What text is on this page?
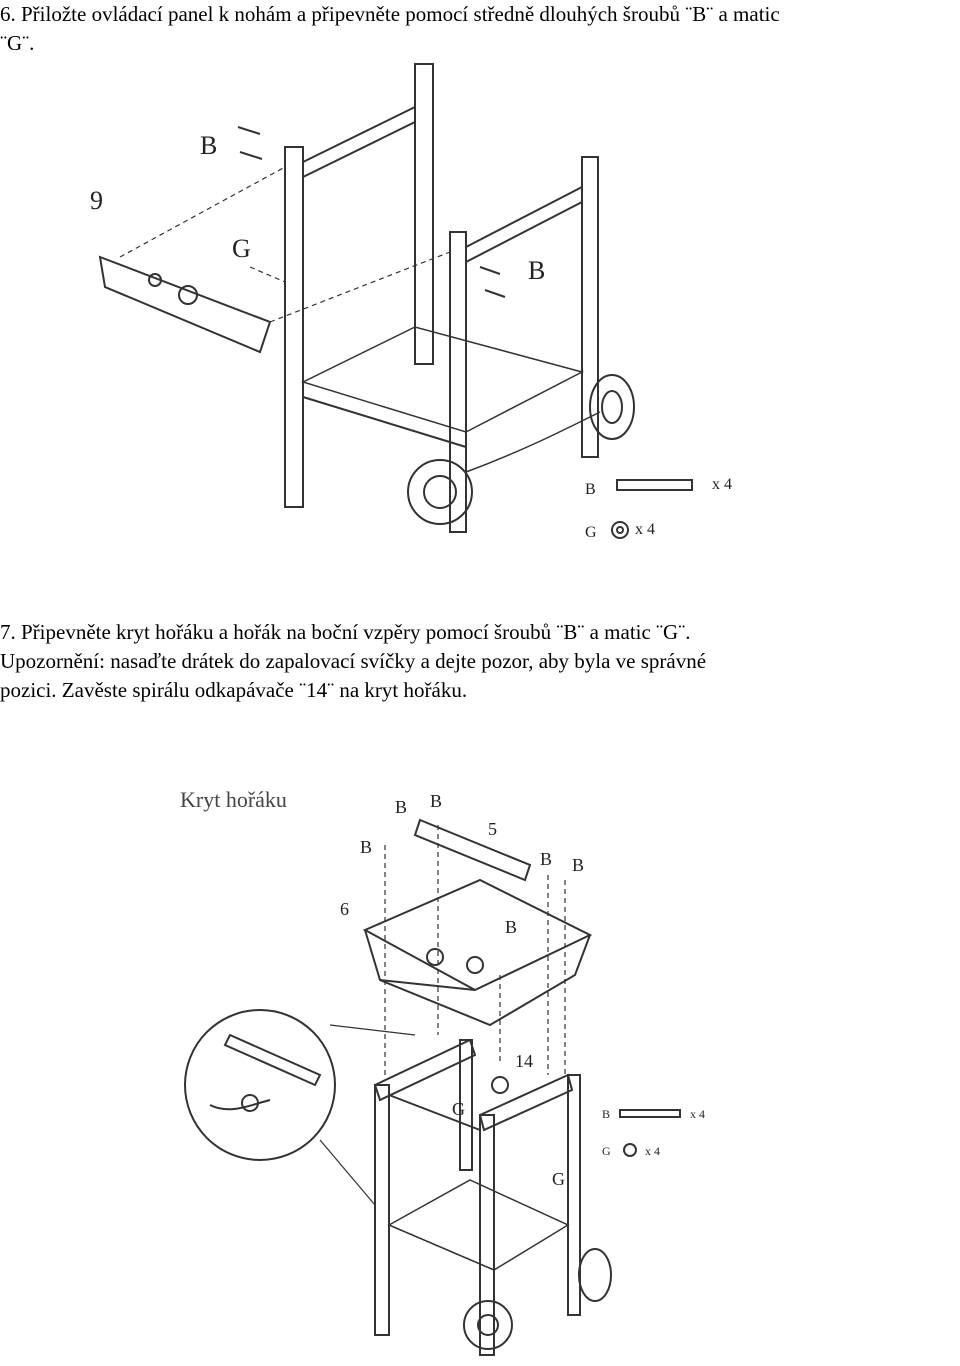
6. Přiložte ovládací panel k nohám a připevněte pomocí středně dlouhých šroubů ¨B¨ a matic
¨G¨.
9
B
G
B
B	x 4
G x 4
7. Připevněte kryt hořáku a hořák na boční vzpěry pomocí šroubů ¨B¨ a matic ¨G¨.
Upozornění: nasaďte drátek do zapalovací svíčky a dejte pozor, aby byla ve správné
pozici. Zavěste spirálu odkapávače ¨14¨ na kryt hořáku.
Kryt hořáku	B B
B
B B
B
5
6
14
G
G
B	x 4
G	x 4
